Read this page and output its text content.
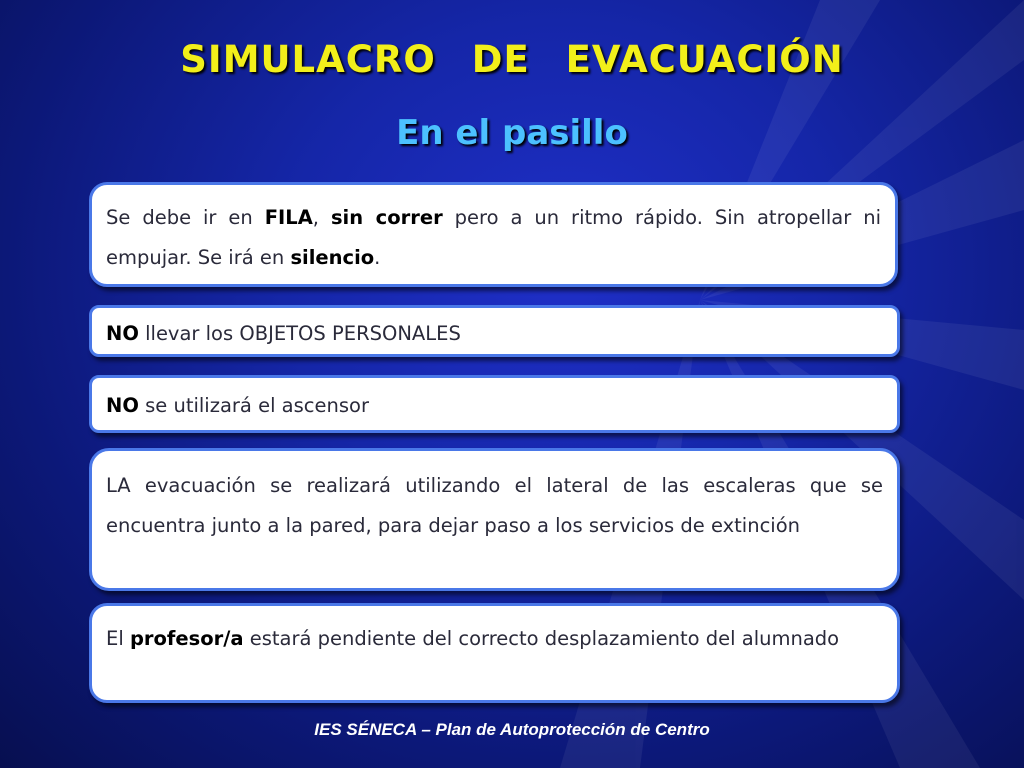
SIMULACRO DE EVACUACIÓN
En el pasillo
Se debe ir en FILA, sin correr pero a un ritmo rápido. Sin atropellar ni empujar. Se irá en silencio.
NO llevar los OBJETOS PERSONALES
NO se utilizará el ascensor
LA evacuación se realizará utilizando el lateral de las escaleras que se encuentra junto a la pared, para dejar paso a los servicios de extinción
El profesor/a estará pendiente del correcto desplazamiento del alumnado
IES SÉNECA – Plan de Autoprotección de Centro
